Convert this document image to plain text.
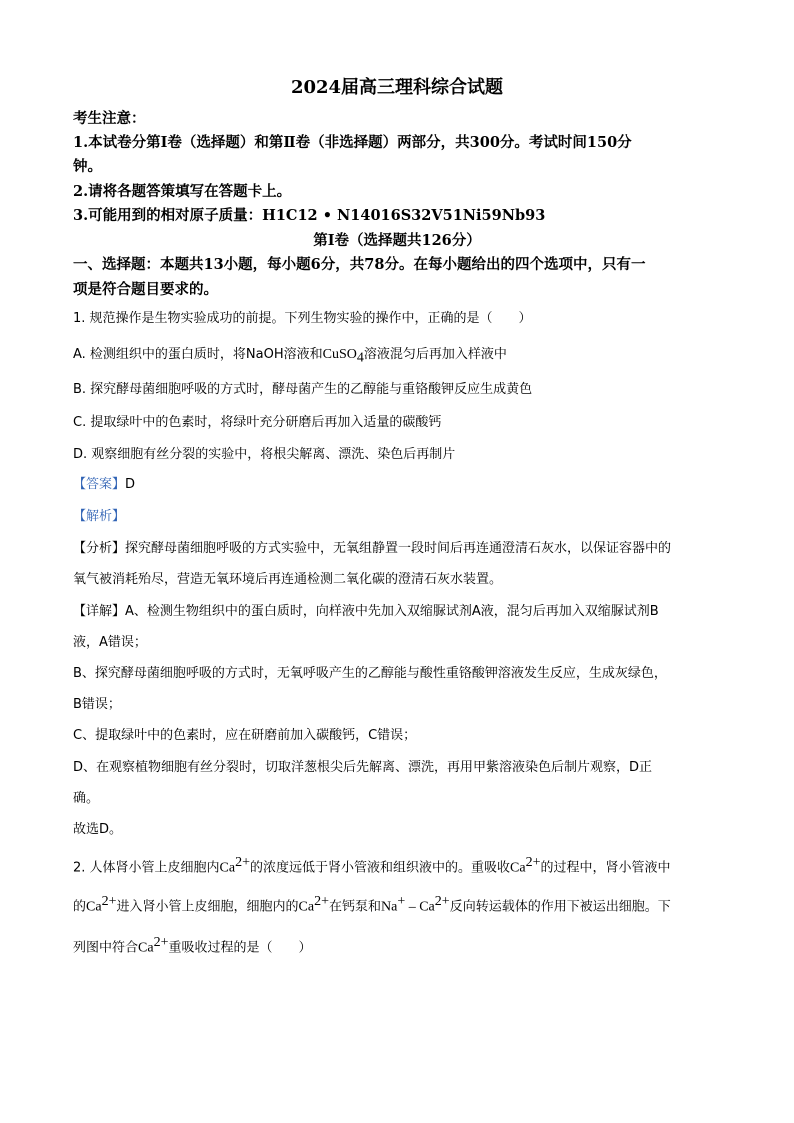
2024届高三理科综合试题
考生注意：
1.本试卷分第Ⅰ卷（选择题）和第Ⅱ卷（非选择题）两部分，共300分。考试时间150分
钟。
2.请将各题答策填写在答题卡上。
3.可能用到的相对原子质量：H1C12 • N14016S32V51Ni59Nb93
第Ⅰ卷（选择题共126分）
一、选择题：本题共13小题，每小题6分，共78分。在每小题给出的四个选项中，只有一
项是符合题目要求的。
1. 规范操作是生物实验成功的前提。下列生物实验的操作中，正确的是（　　）
A. 检测组织中的蛋白质时，将NaOH溶液和CuSO$_4$溶液混匀后再加入样液中
B. 探究酵母菌细胞呼吸的方式时，酵母菌产生的乙醇能与重铬酸钾反应生成黄色
C. 提取绿叶中的色素时，将绿叶充分研磨后再加入适量的碳酸钙
D. 观察细胞有丝分裂的实验中，将根尖解离、漂洗、染色后再制片
【答案】D
【解析】
【分析】探究酵母菌细胞呼吸的方式实验中，无氧组静置一段时间后再连通澄清石灰水，以保证容器中的
氧气被消耗殆尽，营造无氧环境后再连通检测二氧化碳的澄清石灰水装置。
【详解】A、检测生物组织中的蛋白质时，向样液中先加入双缩脲试剂A液，混匀后再加入双缩脲试剂B
液，A错误；
B、探究酵母菌细胞呼吸的方式时，无氧呼吸产生的乙醇能与酸性重铬酸钾溶液发生反应，生成灰绿色，
B错误；
C、提取绿叶中的色素时，应在研磨前加入碳酸钙，C错误；
D、在观察植物细胞有丝分裂时，切取洋葱根尖后先解离、漂洗，再用甲紫溶液染色后制片观察，D正
确。
故选D。
2. 人体肾小管上皮细胞内$Ca^{2+}$的浓度远低于肾小管液和组织液中的。重吸收$Ca^{2+}$的过程中，肾小管液中
的$Ca^{2+}$进入肾小管上皮细胞，细胞内的$Ca^{2+}$在钙泵和$Na^+ - Ca^{2+}$反向转运载体的作用下被运出细胞。下
列图中符合$Ca^{2+}$重吸收过程的是（　　）
